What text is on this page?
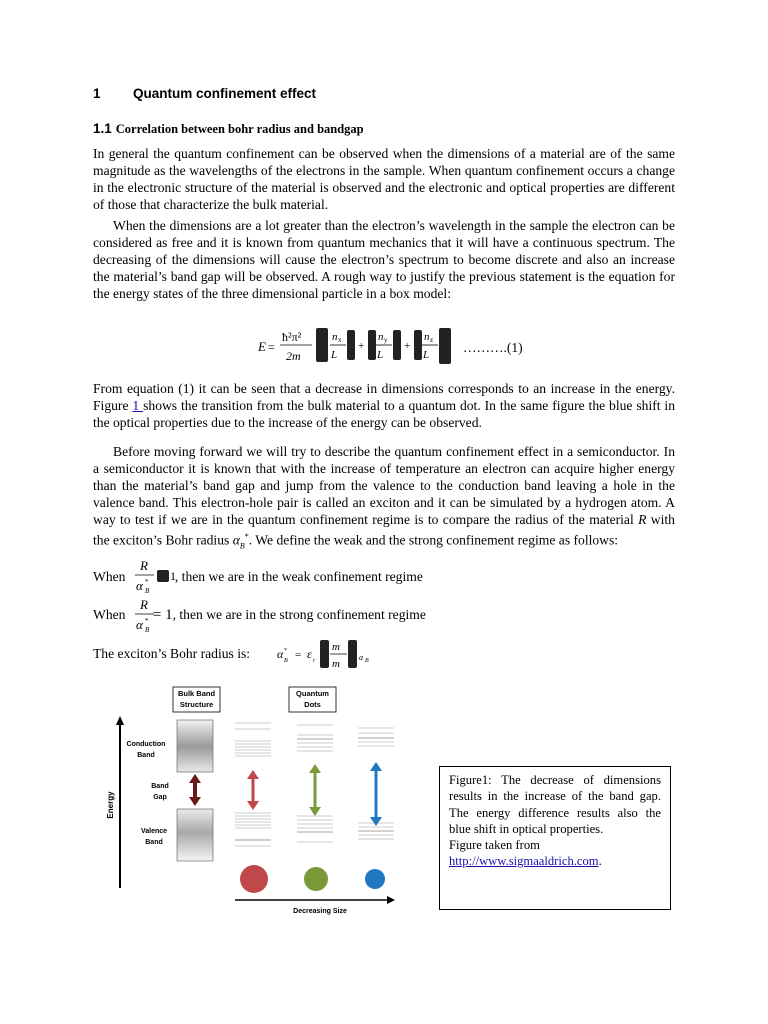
1 Quantum confinement effect
1.1 Correlation between bohr radius and bandgap
In general the quantum confinement can be observed when the dimensions of a material are of the same magnitude as the wavelengths of the electrons in the sample. When quantum confinement occurs a change in the electronic structure of the material is observed and the electronic and optical properties are different of those that characterize the bulk material.
When the dimensions are a lot greater than the electron’s wavelength in the sample the electron can be considered as free and it is known from quantum mechanics that it will have a continuous spectrum. The decreasing of the dimensions will cause the electron’s spectrum to become discrete and also an increase the material’s band gap will be observed. A rough way to justify the previous statement is the equation for the energy states of the three dimensional particle in a box model:
E =
ħ²π²
2m
n x
L
+
n y
L
+
n z
L	……….(1)
From equation (1) it can be seen that a decrease in dimensions corresponds to an increase in the energy. Figure 1 shows the transition from the bulk material to a quantum dot. In the same figure the blue shift in the optical properties due to the increase of the energy can be observed.
Before moving forward we will try to describe the quantum confinement effect in a semiconductor. In a semiconductor it is known that with the increase of temperature an electron can acquire higher energy than the material’s band gap and jump from the valence to the conduction band leaving a hole in the valence band. This electron-hole pair is called an exciton and it can be simulated by a hydrogen atom. A way to test if we are in the quantum confinement regime is to compare the radius of the material R with the exciton’s Bohr radius $\alpha_B^*$. We define the weak and the strong confinement regime as follows:
When	, then we are in the weak confinement regime
R
α B
* 1
When = 1, then we are in the strong confinement regime
R
α B
*
The exciton’s Bohr radius is: α B
* = ε r
m
m
a B
Bulk Band
Structure
Quantum
Dots
Energy
Conduction
Band
Band
Gap
Valence
Band
Decreasing Size
Figure1: The decrease of dimensions results in the increase of the band gap. The energy difference results also the blue shift in optical properties.
Figure taken from
http://www.sigmaaldrich.com.
